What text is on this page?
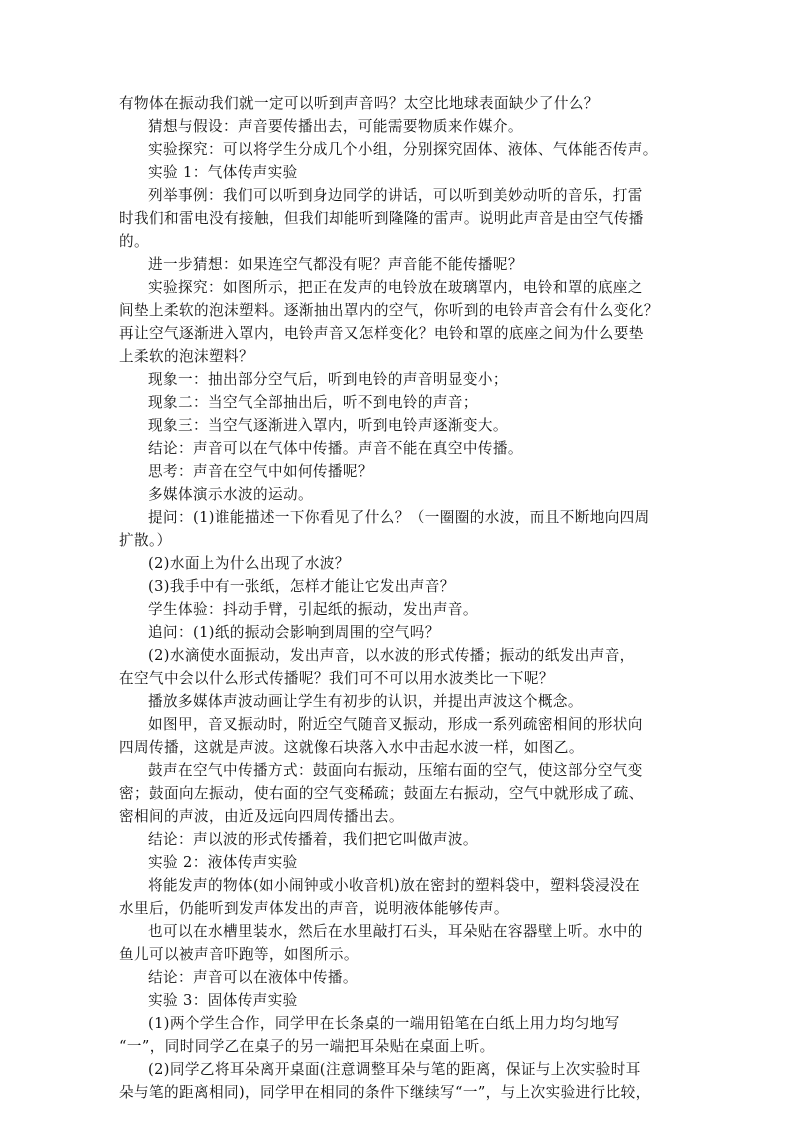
有物体在振动我们就一定可以听到声音吗？太空比地球表面缺少了什么？
猜想与假设：声音要传播出去，可能需要物质来作媒介。
实验探究：可以将学生分成几个小组，分别探究固体、液体、气体能否传声。
实验 1：气体传声实验
列举事例：我们可以听到身边同学的讲话，可以听到美妙动听的音乐，打雷
时我们和雷电没有接触，但我们却能听到隆隆的雷声。说明此声音是由空气传播
的。
进一步猜想：如果连空气都没有呢？声音能不能传播呢？
实验探究：如图所示，把正在发声的电铃放在玻璃罩内，电铃和罩的底座之
间垫上柔软的泡沫塑料。逐渐抽出罩内的空气，你听到的电铃声音会有什么变化？
再让空气逐渐进入罩内，电铃声音又怎样变化？电铃和罩的底座之间为什么要垫
上柔软的泡沫塑料？
现象一：抽出部分空气后，听到电铃的声音明显变小；
现象二：当空气全部抽出后，听不到电铃的声音；
现象三：当空气逐渐进入罩内，听到电铃声逐渐变大。
结论：声音可以在气体中传播。声音不能在真空中传播。
思考：声音在空气中如何传播呢？
多媒体演示水波的运动。
提问：(1)谁能描述一下你看见了什么？（一圈圈的水波，而且不断地向四周
扩散。）
(2)水面上为什么出现了水波？
(3)我手中有一张纸，怎样才能让它发出声音？
学生体验：抖动手臂，引起纸的振动，发出声音。
追问：(1)纸的振动会影响到周围的空气吗？
(2)水滴使水面振动，发出声音，以水波的形式传播；振动的纸发出声音，
在空气中会以什么形式传播呢？我们可不可以用水波类比一下呢？
播放多媒体声波动画让学生有初步的认识，并提出声波这个概念。
如图甲，音叉振动时，附近空气随音叉振动，形成一系列疏密相间的形状向
四周传播，这就是声波。这就像石块落入水中击起水波一样，如图乙。
鼓声在空气中传播方式：鼓面向右振动，压缩右面的空气，使这部分空气变
密；鼓面向左振动，使右面的空气变稀疏；鼓面左右振动，空气中就形成了疏、
密相间的声波，由近及远向四周传播出去。
结论：声以波的形式传播着，我们把它叫做声波。
实验 2：液体传声实验
将能发声的物体(如小闹钟或小收音机)放在密封的塑料袋中，塑料袋浸没在
水里后，仍能听到发声体发出的声音，说明液体能够传声。
也可以在水槽里装水，然后在水里敲打石头，耳朵贴在容器壁上听。水中的
鱼儿可以被声音吓跑等，如图所示。
结论：声音可以在液体中传播。
实验 3：固体传声实验
(1)两个学生合作，同学甲在长条桌的一端用铅笔在白纸上用力均匀地写
“一”，同时同学乙在桌子的另一端把耳朵贴在桌面上听。
(2)同学乙将耳朵离开桌面(注意调整耳朵与笔的距离，保证与上次实验时耳
朵与笔的距离相同)，同学甲在相同的条件下继续写“一”，与上次实验进行比较，
